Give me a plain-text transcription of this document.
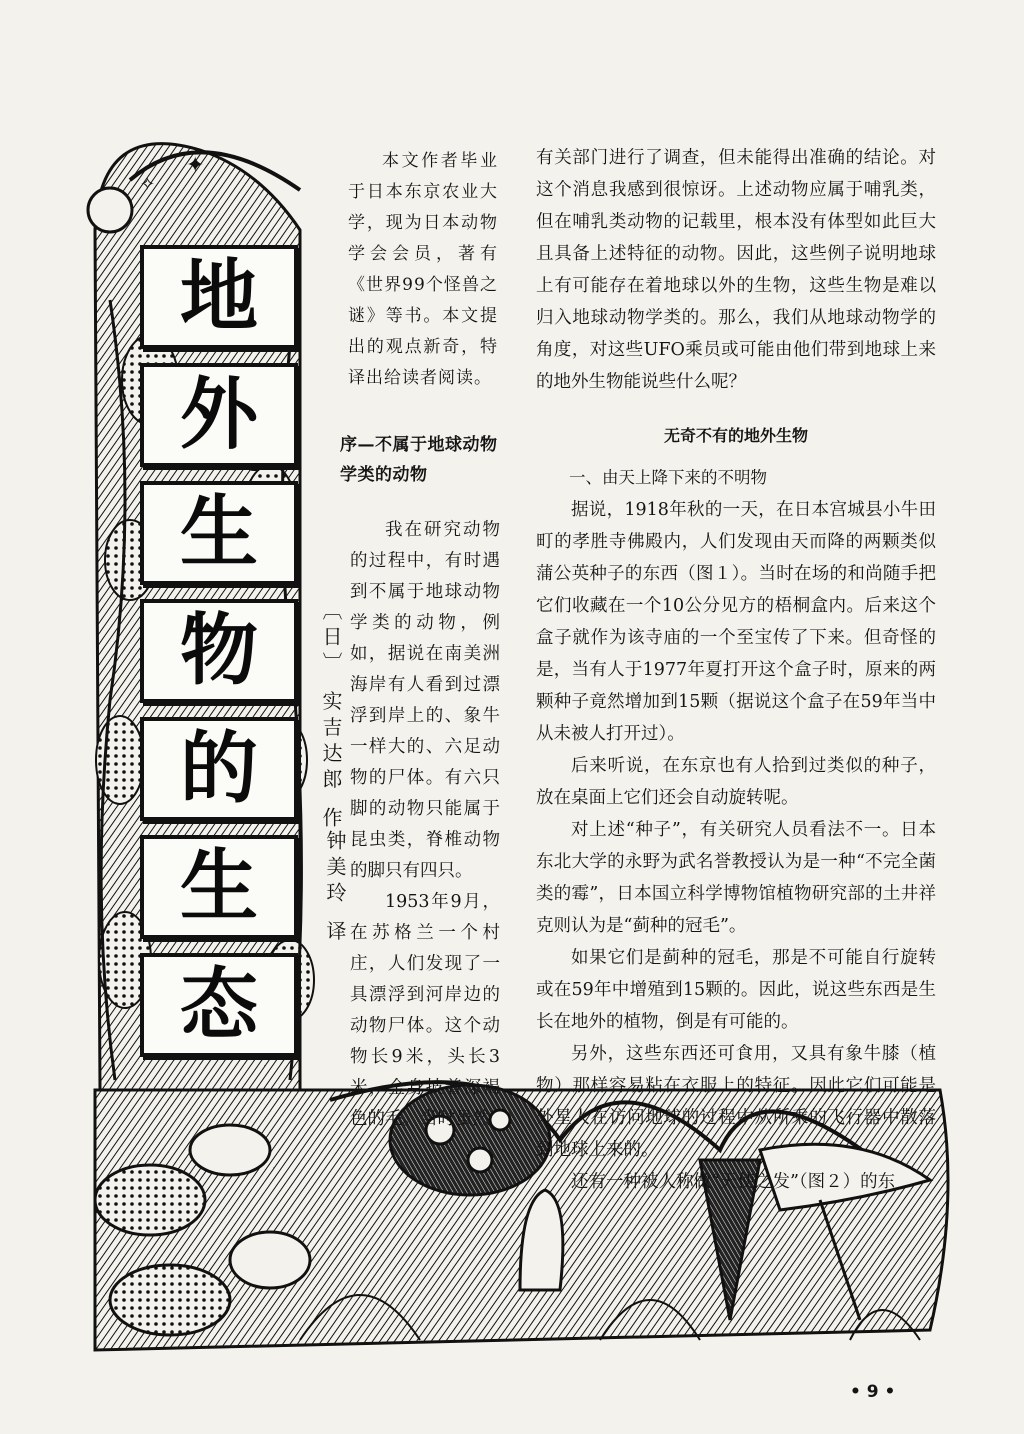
✦
✧
地
外
生
物
的
生
态
〔日〕 实吉达郎 作
钟美玲 译
本文作者毕业于日本东京农业大学，现为日本动物学会会员，著有《世界99个怪兽之谜》等书。本文提出的观点新奇，特译出给读者阅读。
序—不属于地球动物学类的动物

我在研究动物的过程中，有时遇到不属于地球动物学类的动物，例如，据说在南美洲海岸有人看到过漂浮到岸上的、象牛一样大的、六足动物的尸体。有六只脚的动物只能属于昆虫类，脊椎动物的脚只有四只。

1953年9月，在苏格兰一个村庄，人们发现了一具漂浮到河岸边的动物尸体。这个动物长9米，头长3米，全身披着深褐色的毛。当时虽然

有关部门进行了调查，但未能得出准确的结论。对这个消息我感到很惊讶。上述动物应属于哺乳类，但在哺乳类动物的记载里，根本没有体型如此巨大且具备上述特征的动物。因此，这些例子说明地球上有可能存在着地球以外的生物，这些生物是难以归入地球动物学类的。那么，我们从地球动物学的角度，对这些UFO乘员或可能由他们带到地球上来的地外生物能说些什么呢？

无奇不有的地外生物

一、由天上降下来的不明物

据说，1918年秋的一天，在日本宫城县小牛田町的孝胜寺佛殿内，人们发现由天而降的两颗类似蒲公英种子的东西（图１）。当时在场的和尚随手把它们收藏在一个10公分见方的梧桐盒内。后来这个盒子就作为该寺庙的一个至宝传了下来。但奇怪的是，当有人于1977年夏打开这个盒子时，原来的两颗种子竟然增加到15颗（据说这个盒子在59年当中从未被人打开过）。

后来听说，在东京也有人拾到过类似的种子，放在桌面上它们还会自动旋转呢。

对上述“种子”，有关研究人员看法不一。日本东北大学的永野为武名誉教授认为是一种“不完全菌类的霉”，日本国立科学博物馆植物研究部的土井祥克则认为是“蓟种的冠毛”。

如果它们是蓟种的冠毛，那是不可能自行旋转或在59年中增殖到15颗的。因此，说这些东西是生长在地外的植物，倒是有可能的。

另外，这些东西还可食用，又具有象牛膝（植物）那样容易粘在衣服上的特征。因此它们可能是外星人在访问地球的过程中从所乘的飞行器中散落到地球上来的。

还有一种被人称做“天使之发”（图２）的东

• 9 •
